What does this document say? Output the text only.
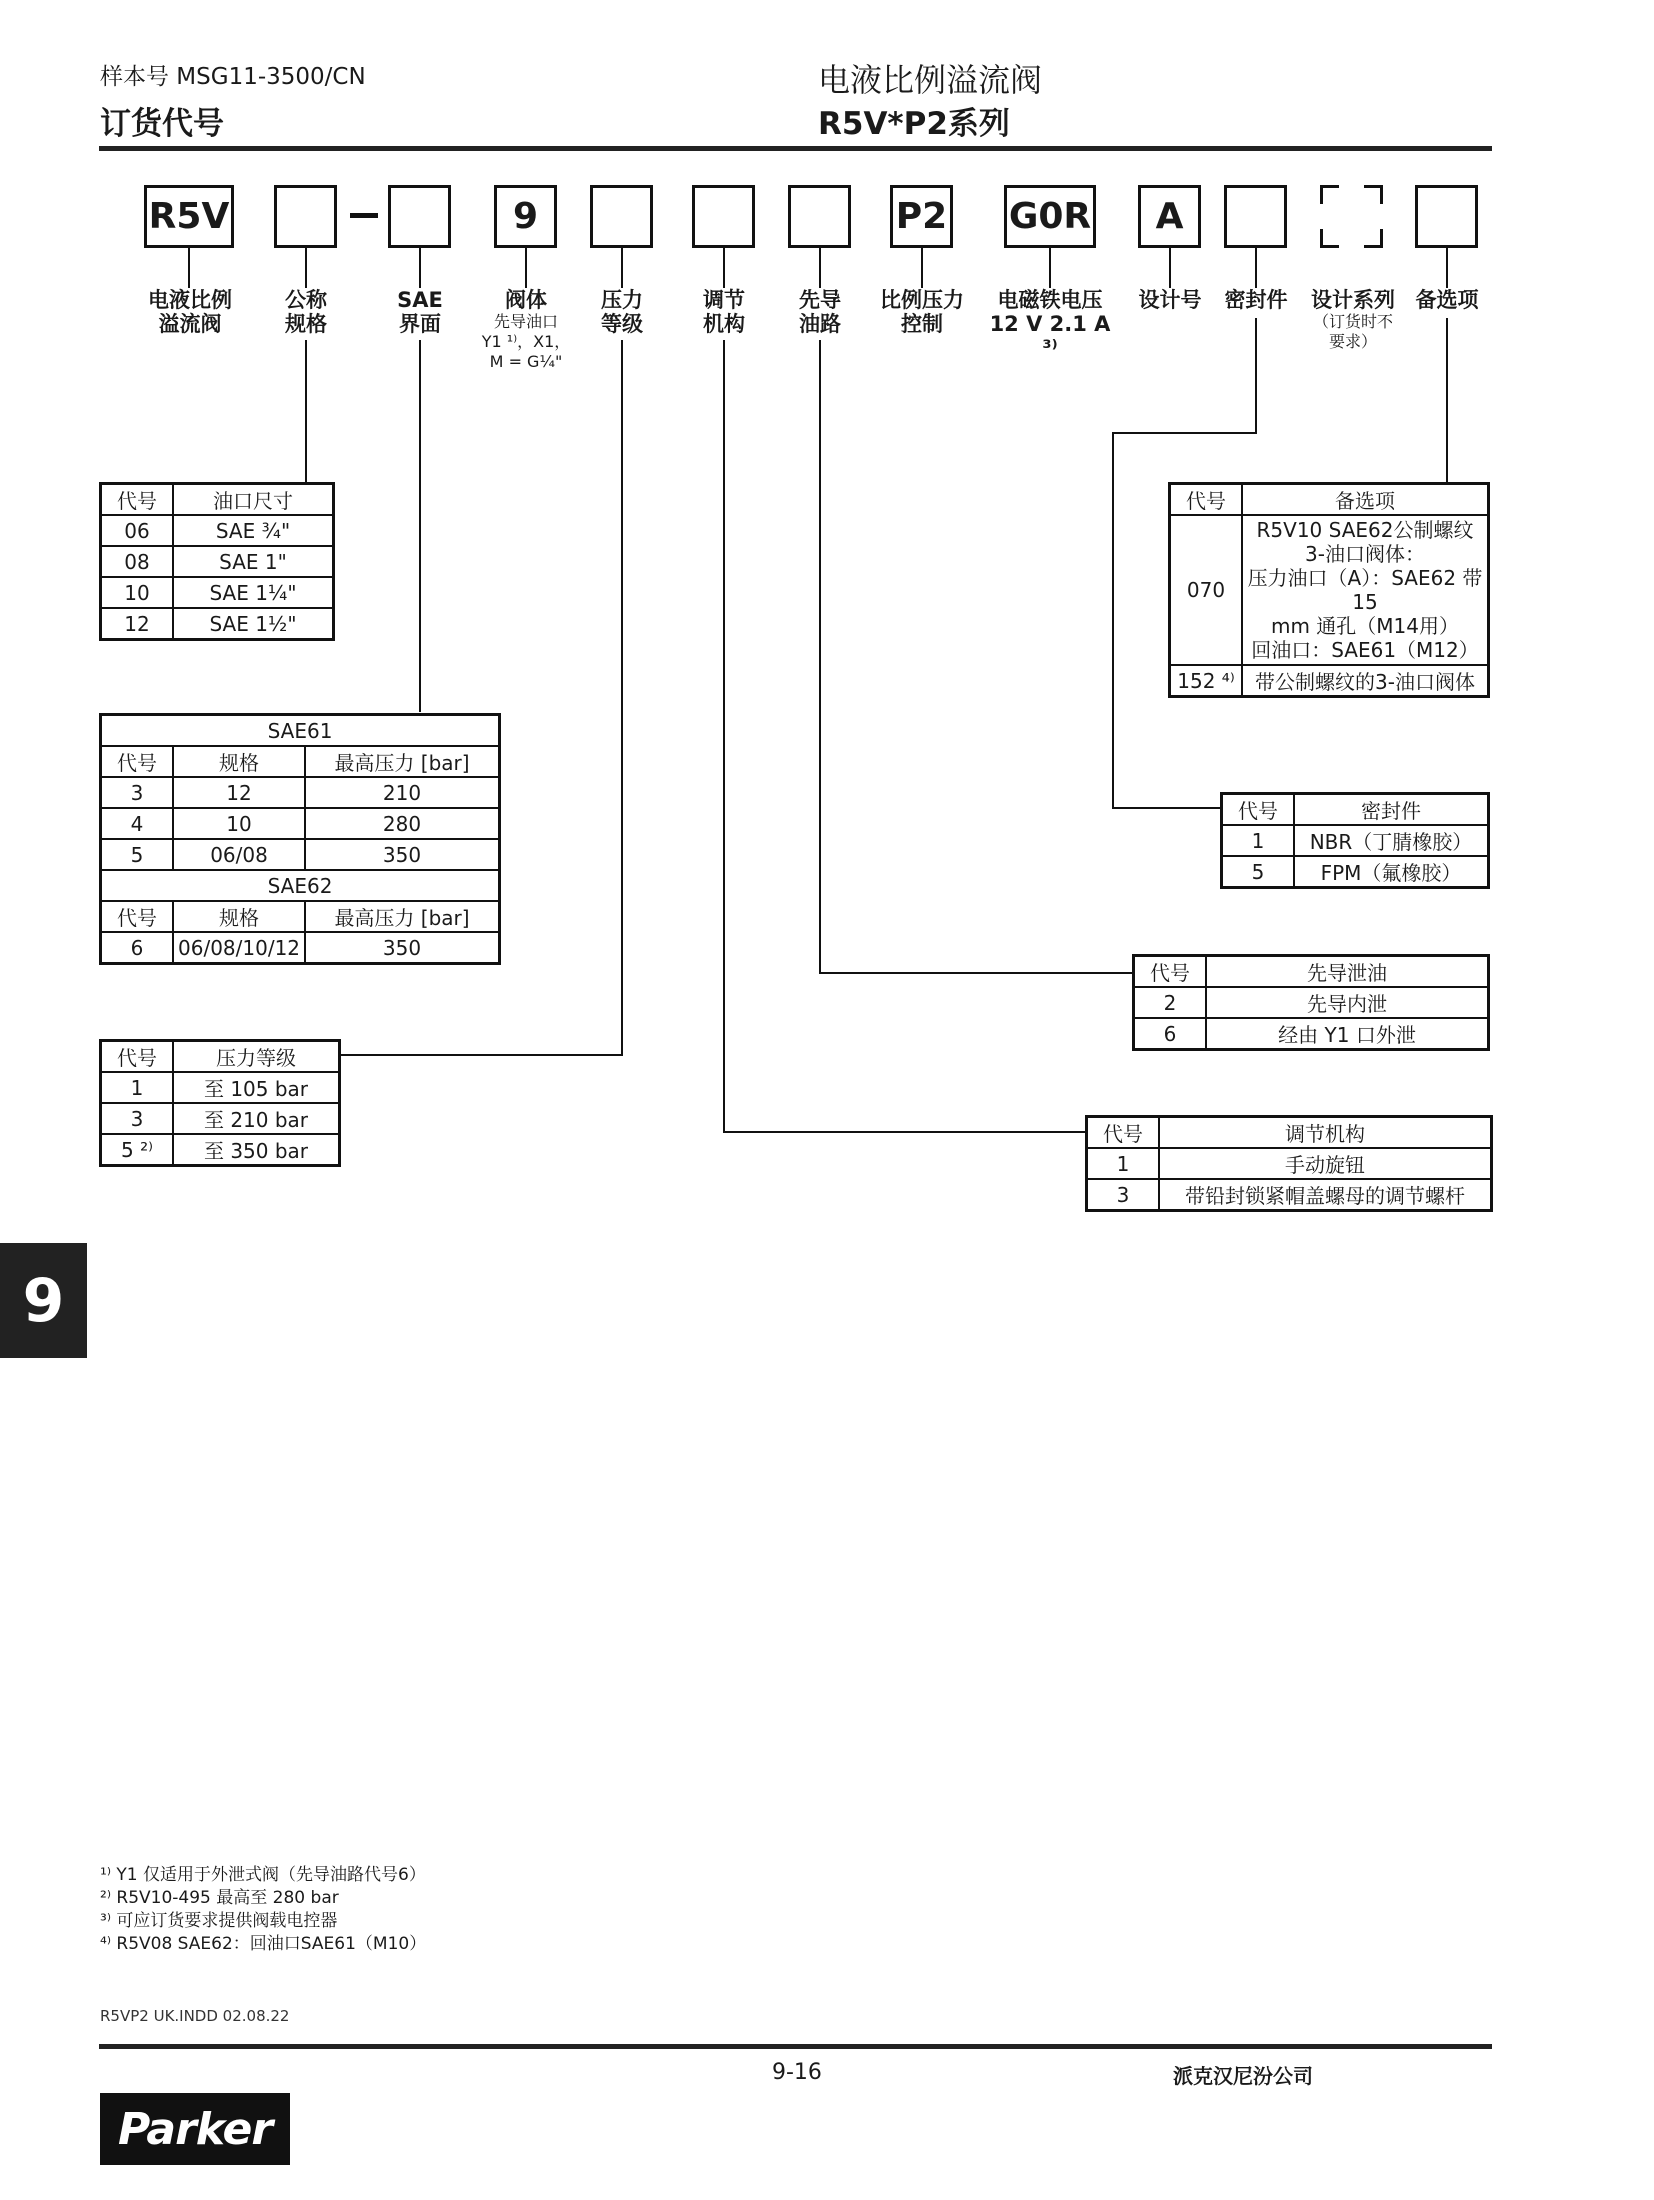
样本号 MSG11-3500/CN
订货代号
电液比例溢流阀
R5V*P2系列
R5V	9	P2 G0R	A
电液比例
溢流阀
公称
规格
SAE
界面
阀体
先导油口
Y1 ¹⁾，X1，
M = G¼"
压力
等级
调节
机构
先导
油路
比例压力
控制
电磁铁电压
12 V 2.1 A ³⁾
设计号	密封件	设计系列
（订货时不
要求）
备选项
代号	油口尺寸
06	SAE ¾"
08	SAE 1"
10	SAE 1¼"
12	SAE 1½"
SAE61		
代号	规格	最高压力 [bar]
3	12	210
4	10	280
5	06/08	350
SAE62		
代号	规格	最高压力 [bar]
6	06/08/10/12	350
代号	压力等级
1	至 105 bar
3	至 210 bar
5 ²⁾	至 350 bar
代号	备选项
070	R5V10 SAE62公制螺纹
3-油口阀体：
压力油口（A）：SAE62 带 15
mm 通孔（M14用）
回油口：SAE61（M12）
152 ⁴⁾	带公制螺纹的3-油口阀体
代号	密封件
1	NBR（丁腈橡胶）
5	FPM（氟橡胶）
代号	先导泄油
2	先导内泄
6	经由 Y1 口外泄
代号	调节机构
1	手动旋钮
3	带铅封锁紧帽盖螺母的调节螺杆
9
¹⁾ Y1 仅适用于外泄式阀（先导油路代号6）
²⁾ R5V10-495 最高至 280 bar
³⁾ 可应订货要求提供阀载电控器
⁴⁾ R5V08 SAE62：回油口SAE61（M10）
R5VP2 UK.INDD 02.08.22
Parker
9-16	派克汉尼汾公司
